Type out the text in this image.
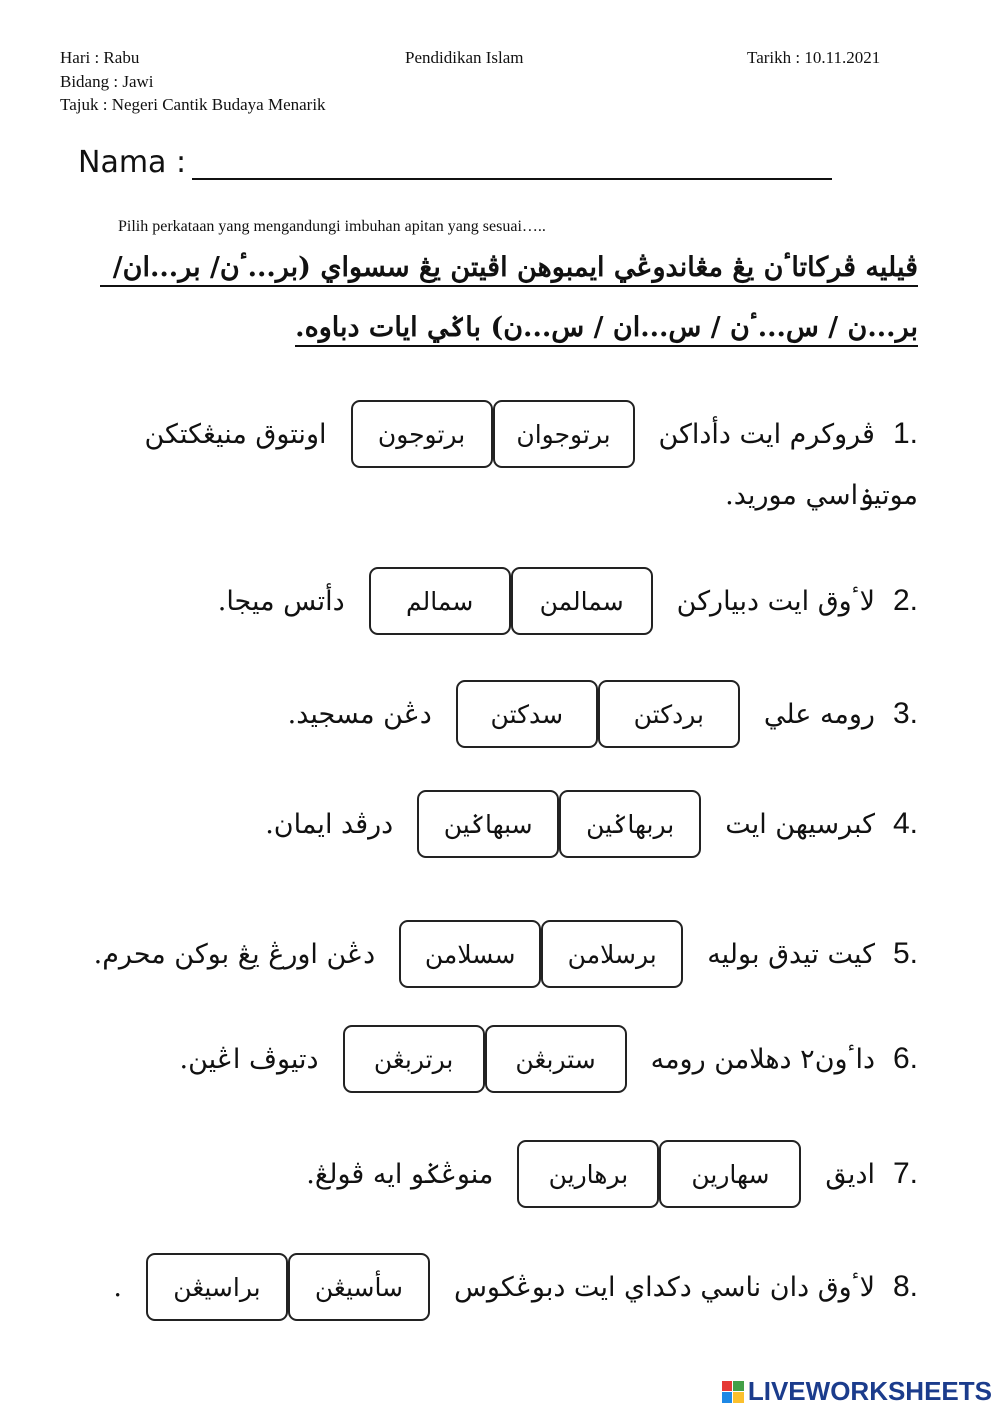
Hari : Rabu	Pendidikan Islam	Tarikh : 10.11.2021
Bidang : Jawi
Tajuk : Negeri Cantik Budaya Menarik
Nama :
Pilih perkataan yang mengandungi imbuhan apitan yang sesuai…..
ڤيليه ڤركاتاٴن يڠ مڠاندوڠي ايمبوهن اڤيتن يڠ سسواي (بر...ٴن/ بر...ان/
بر...ن / س...ٴن / س...ان / س...ن) باݢي ايات دباوه.
1.
ڤروكرم ايت دأداكن
برتوجوان
برتوجون
اونتوق منيڠكتكن
موتيۏاسي موريد.
2.
لاٴوق ايت دبياركن
سمالمن
سمالم
دأتس ميجا.
3.
رومه علي
بردكتن
سدكتن
دڠن مسجيد.
4.
كبرسيهن ايت
بربهاݢين
سبهاݢين
درڤد ايمان.
5.
كيت تيدق بوليه
برسلامن
سسلامن
دڠن اورڠ يڠ بوكن محرم.
6.
داٴون٢ دهلامن رومه
ستربڠن
برتربڠن
دتيوڤ اڠين.
7.
اديق
سهارين
برهارين
منوڠݢو ايه ڤولڠ.
8.
لاٴوق دان ناسي دكداي ايت دبوڠكوس
سأسيڠن
براسيڠن
.
LIVEWORKSHEETS
